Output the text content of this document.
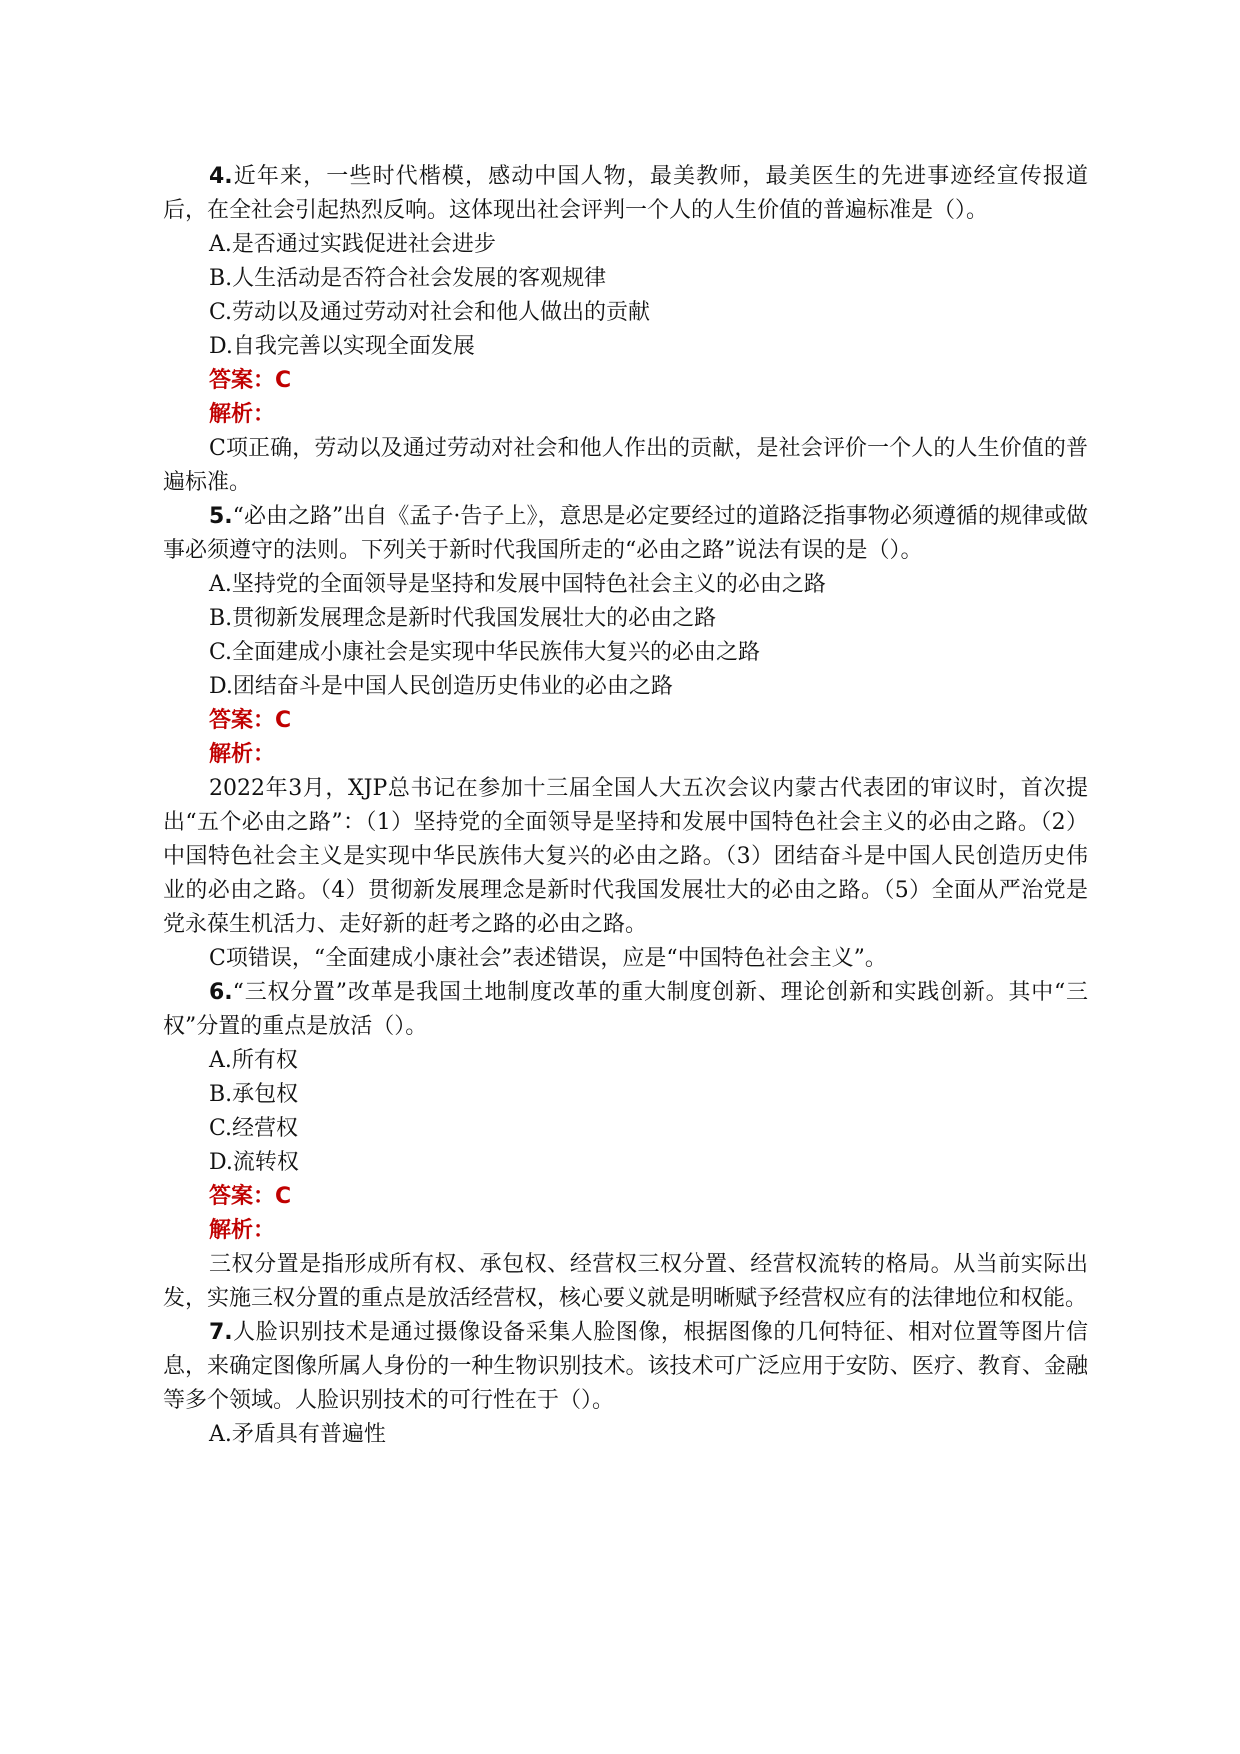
4.近年来，一些时代楷模，感动中国人物，最美教师，最美医生的先进事迹经宣传报道后，在全社会引起热烈反响。这体现出社会评判一个人的人生价值的普遍标准是（）。

A.是否通过实践促进社会进步

B.人生活动是否符合社会发展的客观规律

C.劳动以及通过劳动对社会和他人做出的贡献

D.自我完善以实现全面发展

答案：C

解析：

C项正确，劳动以及通过劳动对社会和他人作出的贡献，是社会评价一个人的人生价值的普遍标准。

5.“必由之路”出自《孟子·告子上》，意思是必定要经过的道路泛指事物必须遵循的规律或做事必须遵守的法则。下列关于新时代我国所走的“必由之路”说法有误的是（）。

A.坚持党的全面领导是坚持和发展中国特色社会主义的必由之路

B.贯彻新发展理念是新时代我国发展壮大的必由之路

C.全面建成小康社会是实现中华民族伟大复兴的必由之路

D.团结奋斗是中国人民创造历史伟业的必由之路

答案：C

解析：

2022年3月，XJP总书记在参加十三届全国人大五次会议内蒙古代表团的审议时，首次提出“五个必由之路”：（1）坚持党的全面领导是坚持和发展中国特色社会主义的必由之路。（2）中国特色社会主义是实现中华民族伟大复兴的必由之路。（3）团结奋斗是中国人民创造历史伟业的必由之路。（4）贯彻新发展理念是新时代我国发展壮大的必由之路。（5）全面从严治党是党永葆生机活力、走好新的赶考之路的必由之路。

C项错误，“全面建成小康社会”表述错误，应是“中国特色社会主义”。

6.“三权分置”改革是我国土地制度改革的重大制度创新、理论创新和实践创新。其中“三权”分置的重点是放活（）。

A.所有权

B.承包权

C.经营权

D.流转权

答案：C

解析：

三权分置是指形成所有权、承包权、经营权三权分置、经营权流转的格局。从当前实际出发，实施三权分置的重点是放活经营权，核心要义就是明晰赋予经营权应有的法律地位和权能。

7.人脸识别技术是通过摄像设备采集人脸图像，根据图像的几何特征、相对位置等图片信息，来确定图像所属人身份的一种生物识别技术。该技术可广泛应用于安防、医疗、教育、金融等多个领域。人脸识别技术的可行性在于（）。

A.矛盾具有普遍性
